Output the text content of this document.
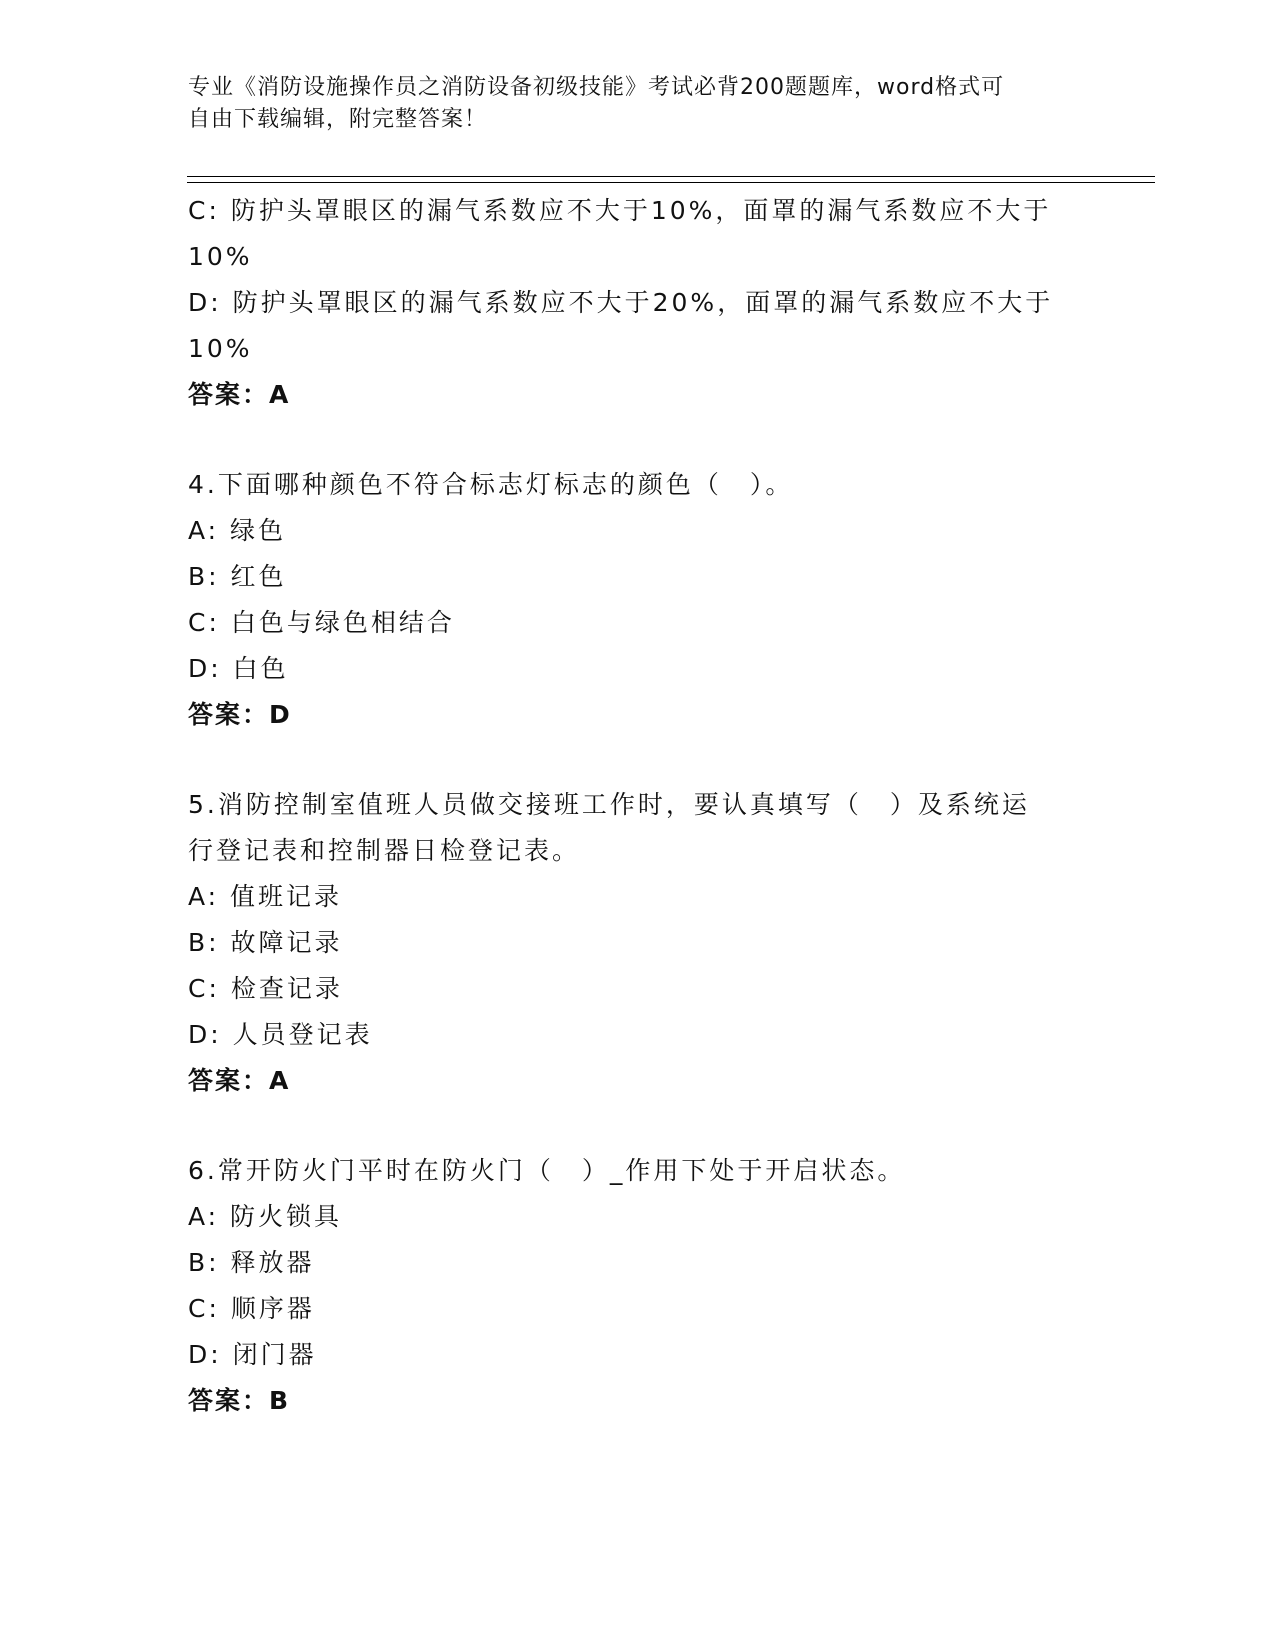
专业《消防设施操作员之消防设备初级技能》考试必背200题题库，word格式可
自由下载编辑，附完整答案！
C: 防护头罩眼区的漏气系数应不大于10%，面罩的漏气系数应不大于
10%
D: 防护头罩眼区的漏气系数应不大于20%，面罩的漏气系数应不大于
10%
答案：A
4.下面哪种颜色不符合标志灯标志的颜色（　）。
A: 绿色
B: 红色
C: 白色与绿色相结合
D: 白色
答案：D
5.消防控制室值班人员做交接班工作时，要认真填写（　）及系统运
行登记表和控制器日检登记表。
A: 值班记录
B: 故障记录
C: 检查记录
D: 人员登记表
答案：A
6.常开防火门平时在防火门（　）_作用下处于开启状态。
A: 防火锁具
B: 释放器
C: 顺序器
D: 闭门器
答案：B
